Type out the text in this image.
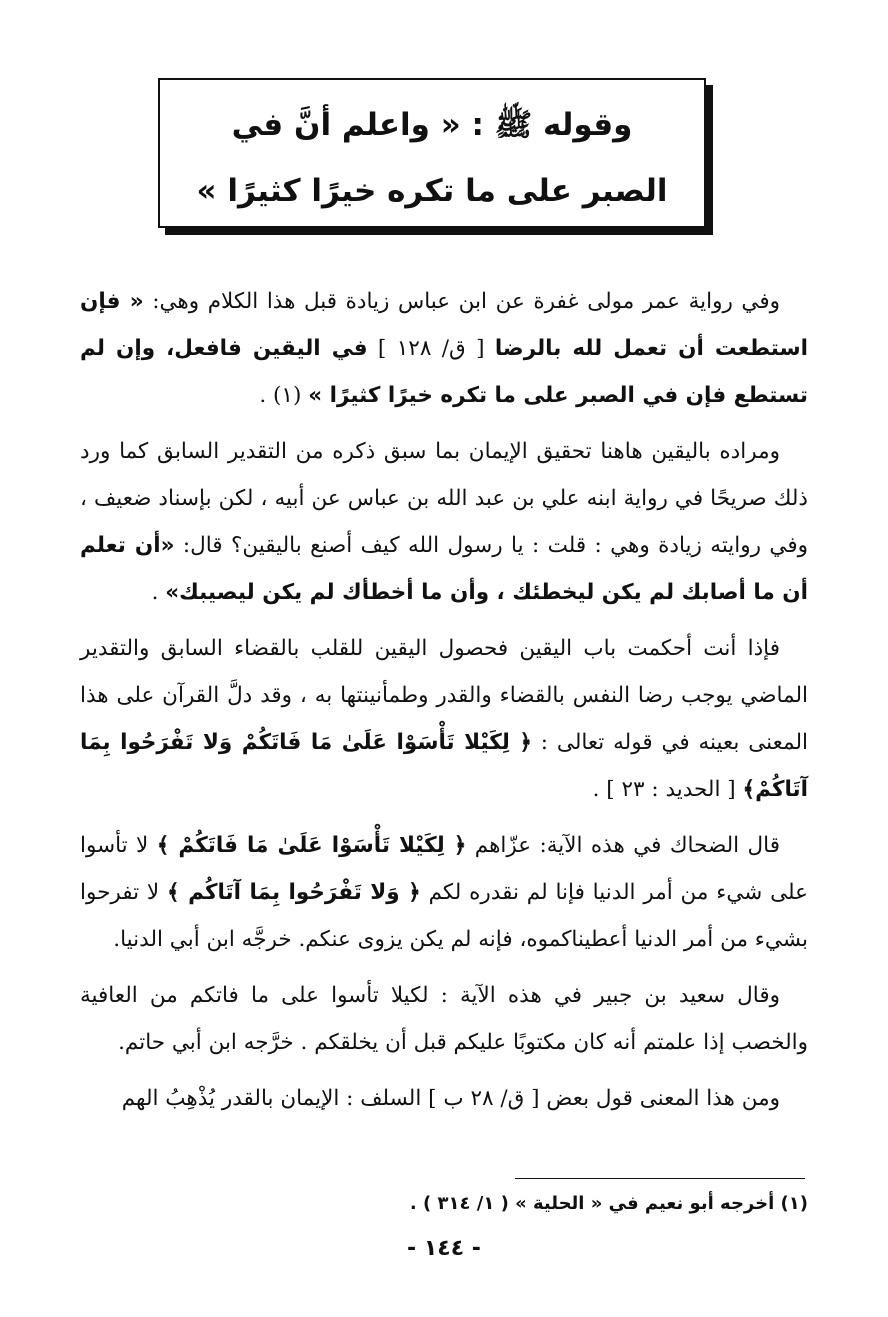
وقوله ﷺ : « واعلم أنَّ في
الصبر على ما تكره خيرًا كثيرًا »

وفي رواية عمر مولى غفرة عن ابن عباس زيادة قبل هذا الكلام وهي: « فإن استطعت أن تعمل لله بالرضا [ ق/ ١٢٨ ] في اليقين فافعل، وإن لم تستطع فإن في الصبر على ما تكره خيرًا كثيرًا » (١) .

ومراده باليقين هاهنا تحقيق الإيمان بما سبق ذكره من التقدير السابق كما ورد ذلك صريحًا في رواية ابنه علي بن عبد الله بن عباس عن أبيه ، لكن بإسناد ضعيف ، وفي روايته زيادة وهي : قلت : يا رسول الله كيف أصنع باليقين؟ قال: «أن تعلم أن ما أصابك لم يكن ليخطئك ، وأن ما أخطأك لم يكن ليصيبك» .

فإذا أنت أحكمت باب اليقين فحصول اليقين للقلب بالقضاء السابق والتقدير الماضي يوجب رضا النفس بالقضاء والقدر وطمأنينتها به ، وقد دلَّ القرآن على هذا المعنى بعينه في قوله تعالى : ﴿ لِكَيْلا تَأْسَوْا عَلَىٰ مَا فَاتَكُمْ وَلا تَفْرَحُوا بِمَا آتَاكُمْ﴾ [ الحديد : ٢٣ ] .

قال الضحاك في هذه الآية: عزّاهم ﴿ لِكَيْلا تَأْسَوْا عَلَىٰ مَا فَاتَكُمْ ﴾ لا تأسوا على شيء من أمر الدنيا فإنا لم نقدره لكم ﴿ وَلا تَفْرَحُوا بِمَا آتَاكُم ﴾ لا تفرحوا بشيء من أمر الدنيا أعطيناكموه، فإنه لم يكن يزوى عنكم. خرجَّه ابن أبي الدنيا.

وقال سعيد بن جبير في هذه الآية : لكيلا تأسوا على ما فاتكم من العافية والخصب إذا علمتم أنه كان مكتوبًا عليكم قبل أن يخلقكم . خرَّجه ابن أبي حاتم.

ومن هذا المعنى قول بعض [ ق/ ٢٨ ب ] السلف : الإيمان بالقدر يُذْهِبُ الهم

(١) أخرجه أبو نعيم في « الحلية » ( ١/ ٣١٤ ) .
- ١٤٤ -
